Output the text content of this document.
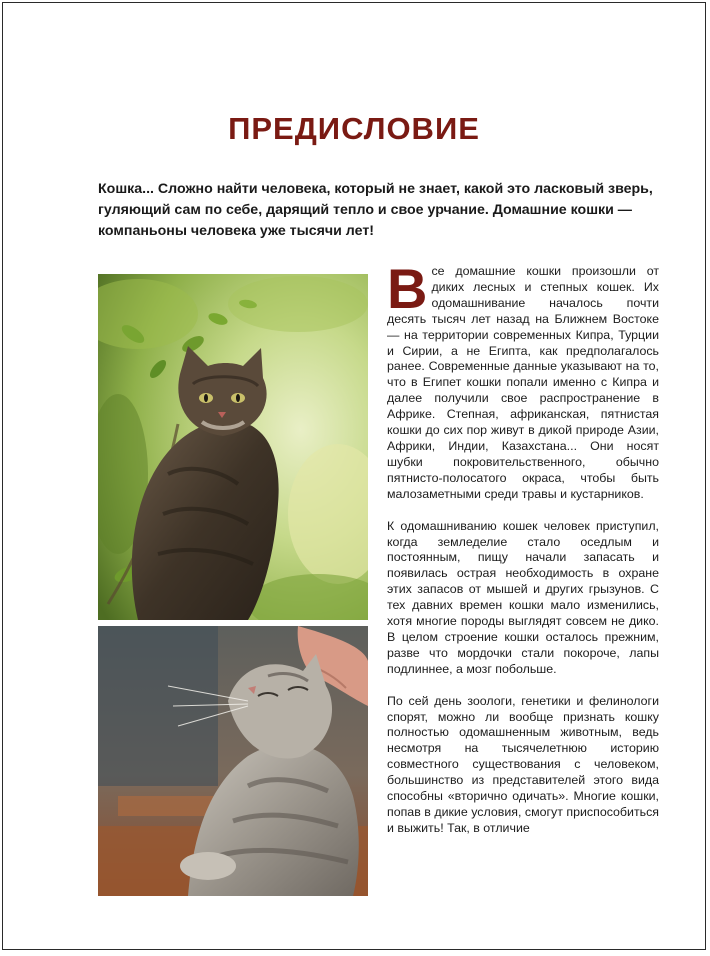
ПРЕДИСЛОВИЕ

Кошка... Сложно найти человека, который не знает, какой это ласковый зверь,

гуляющий сам по себе, дарящий тепло и свое урчание. Домашние кошки —

компаньоны человека уже тысячи лет!

Все домашние кошки произошли от диких лесных и степных кошек. Их одомашнивание началось почти десять тысяч лет назад на Ближнем Востоке — на территории современных Кипра, Турции и Сирии, а не Египта, как предполагалось ранее. Современные данные указывают на то, что в Египет кошки попали именно с Кипра и далее получили свое распространение в Африке. Степная, африканская, пятнистая кошки до сих пор живут в дикой природе Азии, Африки, Индии, Казахстана... Они носят шубки покровительственного, обычно пятнисто-полосатого окраса, чтобы быть малозаметными среди травы и кустарников.

К одомашниванию кошек человек приступил, когда земледелие стало оседлым и постоянным, пищу начали запасать и появилась острая необходимость в охране этих запасов от мышей и других грызунов. С тех давних времен кошки мало изменились, хотя многие породы выглядят совсем не дико. В целом строение кошки осталось прежним, разве что мордочки стали покороче, лапы подлиннее, а мозг побольше.

По сей день зоологи, генетики и фелинологи спорят, можно ли вообще признать кошку полностью одомашненным животным, ведь несмотря на тысячелетнюю историю совместного существования с человеком, большинство из представителей этого вида способны «вторично одичать». Многие кошки, попав в дикие условия, смогут приспособиться и выжить! Так, в отличие
